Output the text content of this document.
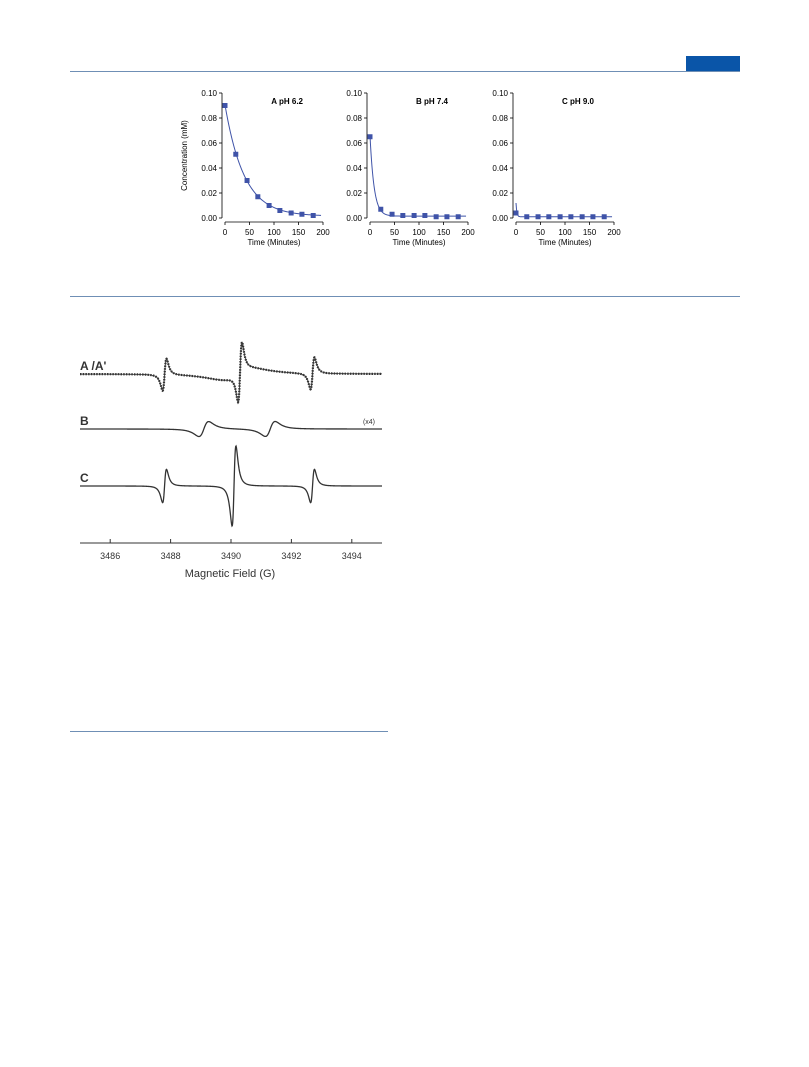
0.00
0.02
0.04
0.06
0.08
0.10
0 50 100 150 200
Time (Minutes)
Concentration (mM)
A pH 6.2
0.00
0.02
0.04
0.06
0.08
0.10
0 50 100 150 200
Time (Minutes)
B pH 7.4
0.00
0.02
0.04
0.06
0.08
0.10
0 50 100 150 200
Time (Minutes)
C pH 9.0
A /A'
B	(x4)
C
3486	3488	3490	3492	3494
Magnetic Field (G)
